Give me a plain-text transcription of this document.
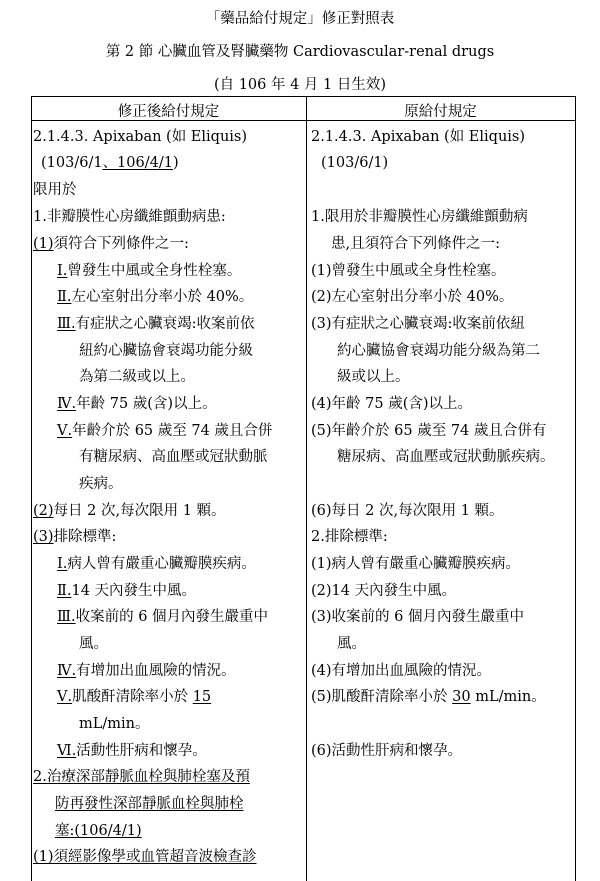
「藥品給付規定」修正對照表
第 2 節 心臟血管及腎臟藥物 Cardiovascular-renal drugs
(自 106 年 4 月 1 日生效)
修正後給付規定	原給付規定
2.1.4.3. Apixaban (如 Eliquis)
(103/6/1、106/4/1)
限用於
1.非瓣膜性心房纖維顫動病患:
(1)須符合下列條件之一:
Ⅰ.曾發生中風或全身性栓塞。
Ⅱ.左心室射出分率小於 40%。
Ⅲ.有症狀之心臟衰竭:收案前依
紐約心臟協會衰竭功能分級
為第二級或以上。
Ⅳ.年齡 75 歲(含)以上。
Ⅴ.年齡介於 65 歲至 74 歲且合併
有糖尿病、高血壓或冠狀動脈
疾病。
(2)每日 2 次,每次限用 1 顆。
(3)排除標準:
Ⅰ.病人曾有嚴重心臟瓣膜疾病。
Ⅱ.14 天內發生中風。
Ⅲ.收案前的 6 個月內發生嚴重中
風。
Ⅳ.有增加出血風險的情況。
Ⅴ.肌酸酐清除率小於 15
mL/min。
Ⅵ.活動性肝病和懷孕。
2.治療深部靜脈血栓與肺栓塞及預
防再發性深部靜脈血栓與肺栓
塞:(106/4/1)
(1)須經影像學或血管超音波檢查診
2.1.4.3. Apixaban (如 Eliquis)
(103/6/1)
1.限用於非瓣膜性心房纖維顫動病
患,且須符合下列條件之一:
(1)曾發生中風或全身性栓塞。
(2)左心室射出分率小於 40%。
(3)有症狀之心臟衰竭:收案前依紐
約心臟協會衰竭功能分級為第二
級或以上。
(4)年齡 75 歲(含)以上。
(5)年齡介於 65 歲至 74 歲且合併有
糖尿病、高血壓或冠狀動脈疾病。
(6)每日 2 次,每次限用 1 顆。
2.排除標準:
(1)病人曾有嚴重心臟瓣膜疾病。
(2)14 天內發生中風。
(3)收案前的 6 個月內發生嚴重中
風。
(4)有增加出血風險的情況。
(5)肌酸酐清除率小於 30 mL/min。
(6)活動性肝病和懷孕。
